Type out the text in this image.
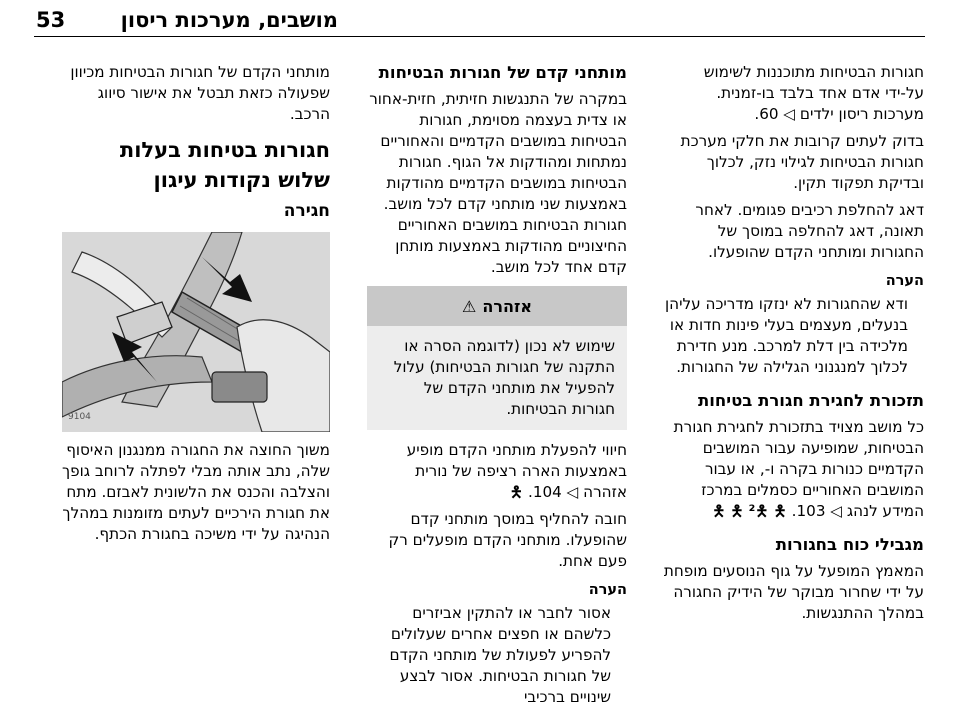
מושבים, מערכות ריסון
53

חגורות הבטיחות מתוכננות לשימוש על-ידי אדם אחד בלבד בו-זמנית. מערכות ריסון ילדים ◁ 60.

בדוק לעתים קרובות את חלקי מערכת חגורות הבטיחות לגילוי נזק, לכלוך ובדיקת תפקוד תקין.

דאג להחלפת רכיבים פגומים. לאחר תאונה, דאג להחלפה במוסך של החגורות ומותחני הקדם שהופעלו.

הערה

ודא שהחגורות לא ינזקו מדריכה עליהן בנעלים, מעצמים בעלי פינות חדות או מלכידה בין דלת למרכב. מנע חדירת לכלוך למנגנוני הגלילה של החגורות.

תזכורת לחגירת חגורת בטיחות

כל מושב מצויד בתזכורת לחגירת חגורת הבטיחות, שמופיעה עבור המושבים הקדמיים כנורות בקרה ו-, או עבור המושבים האחוריים כסמלים במרכז המידע לנהג ◁ 103. 🯅 🯅² 🯅 🯅

מגבילי כוח בחגורות

המאמץ המופעל על גוף הנוסעים מופחת על ידי שחרור מבוקר של הידיק החגורה במהלך ההתנגשות.

מותחני קדם של חגורות הבטיחות

במקרה של התנגשות חזיתית, חזית-אחור או צדית בעצמה מסוימת, חגורות הבטיחות במושבים הקדמיים והאחוריים נמתחות ומהודקות אל הגוף. חגורות הבטיחות במושבים הקדמיים מהודקות באמצעות שני מותחני קדם לכל מושב. חגורות הבטיחות במושבים האחוריים החיצוניים מהודקות באמצעות מותחן קדם אחד לכל מושב.

אזהרה
⚠
שימוש לא נכון (לדוגמה הסרה או התקנה של חגורות הבטיחות) עלול להפעיל את מותחני הקדם של חגורות הבטיחות.

חיווי להפעלת מותחני הקדם מופיע באמצעות הארה רציפה של נורית אזהרה ◁ 104. 🯅

חובה להחליף במוסך מותחני קדם שהופעלו. מותחני הקדם מופעלים רק פעם אחת.

הערה

אסור לחבר או להתקין אביזרים כלשהם או חפצים אחרים שעלולים להפריע לפעולת של מותחני הקדם של חגורות הבטיחות. אסור לבצע שינויים ברכיבי

מותחני הקדם של חגורות הבטיחות מכיוון שפעולה כזאת תבטל את אישור סיווג הרכב.

חגורות בטיחות בעלות שלוש נקודות עיגון
חגירה
9104

משוך החוצה את החגורה ממנגנון האיסוף שלה, נתב אותה מבלי לפתלה לרוחב גופך והצלבה והכנס את הלשונית לאבזם. מתח את חגורת הירכיים לעתים מזומנות במהלך הנהיגה על ידי משיכה בחגורת הכתף.
